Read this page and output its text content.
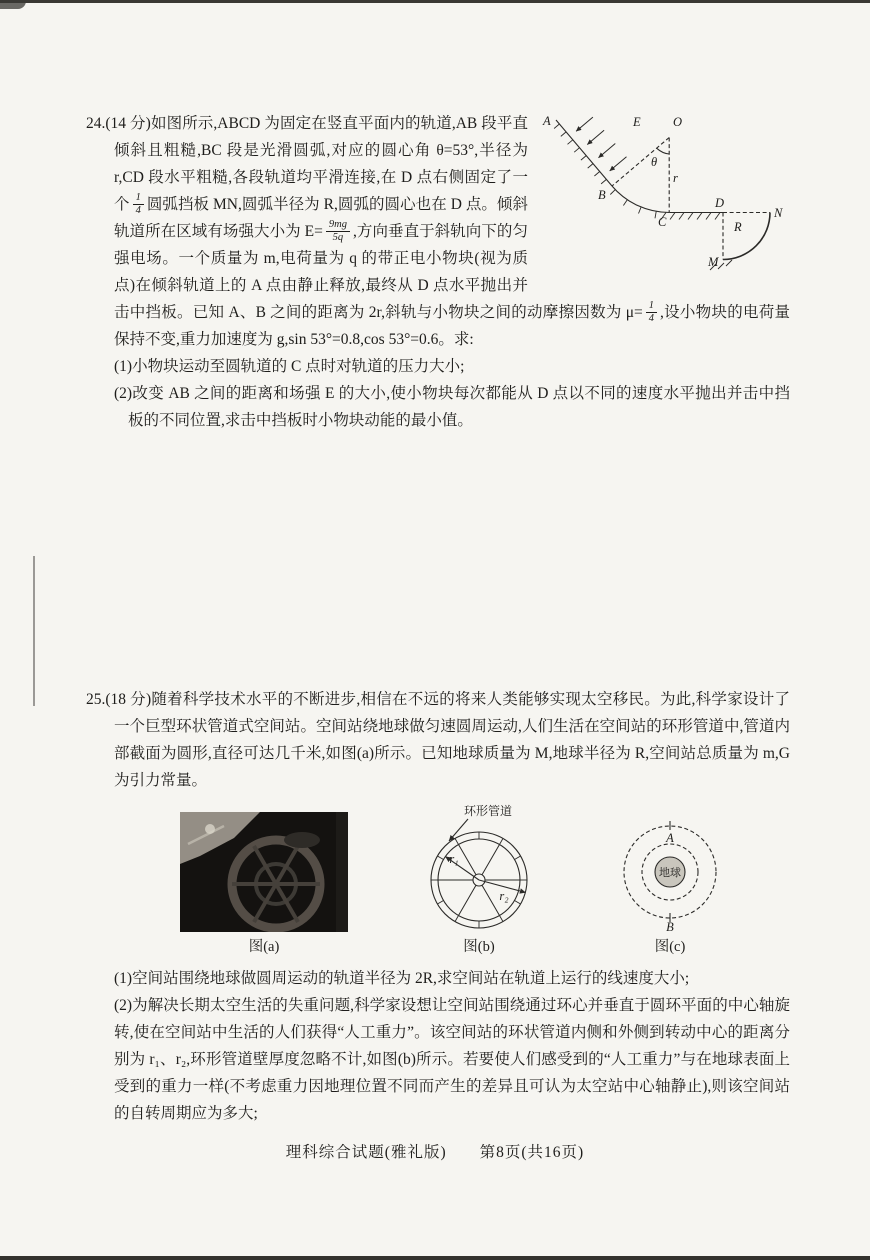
A	E	O
θ
B
r
C
D
N
R
M
24.(14 分)如图所示,ABCD 为固定在竖直平面内的轨道,AB 段平直倾斜且粗糙,BC 段是光滑圆弧,对应的圆心角 θ=53°,半径为 r,CD 段水平粗糙,各段轨道均平滑连接,在 D 点右侧固定了一个 $\frac{1}{4}$ 圆弧挡板 MN,圆弧半径为 R,圆弧的圆心也在 D 点。倾斜轨道所在区域有场强大小为 $E= \frac{9mg}{5q}$ ,方向垂直于斜轨向下的匀强电场。一个质量为 m,电荷量为 q 的带正电小物块(视为质点)在倾斜轨道上的 A 点由静止释放,最终从 D 点水平抛出并击中挡板。已知 A、B 之间的距离为 2r,斜轨与小物块之间的动摩擦因数为 $\mu= \frac{1}{4}$ ,设小物块的电荷量保持不变,重力加速度为 g,sin 53°=0.8,cos 53°=0.6。求:
(1)小物块运动至圆轨道的 C 点时对轨道的压力大小;
(2)改变 AB 之间的距离和场强 E 的大小,使小物块每次都能从 D 点以不同的速度水平抛出并击中挡板的不同位置,求击中挡板时小物块动能的最小值。
25.(18 分)随着科学技术水平的不断进步,相信在不远的将来人类能够实现太空移民。为此,科学家设计了一个巨型环状管道式空间站。空间站绕地球做匀速圆周运动,人们生活在空间站的环形管道中,管道内部截面为圆形,直径可达几千米,如图(a)所示。已知地球质量为 M,地球半径为 R,空间站总质量为 m,G 为引力常量。
图(a)
环形管道
r₁
r₂
图(b)
地球
A
B
图(c)
(1)空间站围绕地球做圆周运动的轨道半径为 2R,求空间站在轨道上运行的线速度大小;
(2)为解决长期太空生活的失重问题,科学家设想让空间站围绕通过环心并垂直于圆环平面的中心轴旋转,使在空间站中生活的人们获得“人工重力”。该空间站的环状管道内侧和外侧到转动中心的距离分别为 r₁、r₂,环形管道壁厚度忽略不计,如图(b)所示。若要使人们感受到的“人工重力”与在地球表面上受到的重力一样(不考虑重力因地理位置不同而产生的差异且可认为太空站中心轴静止),则该空间站的自转周期应为多大;
理科综合试题(雅礼版)　　第8页(共16页)
